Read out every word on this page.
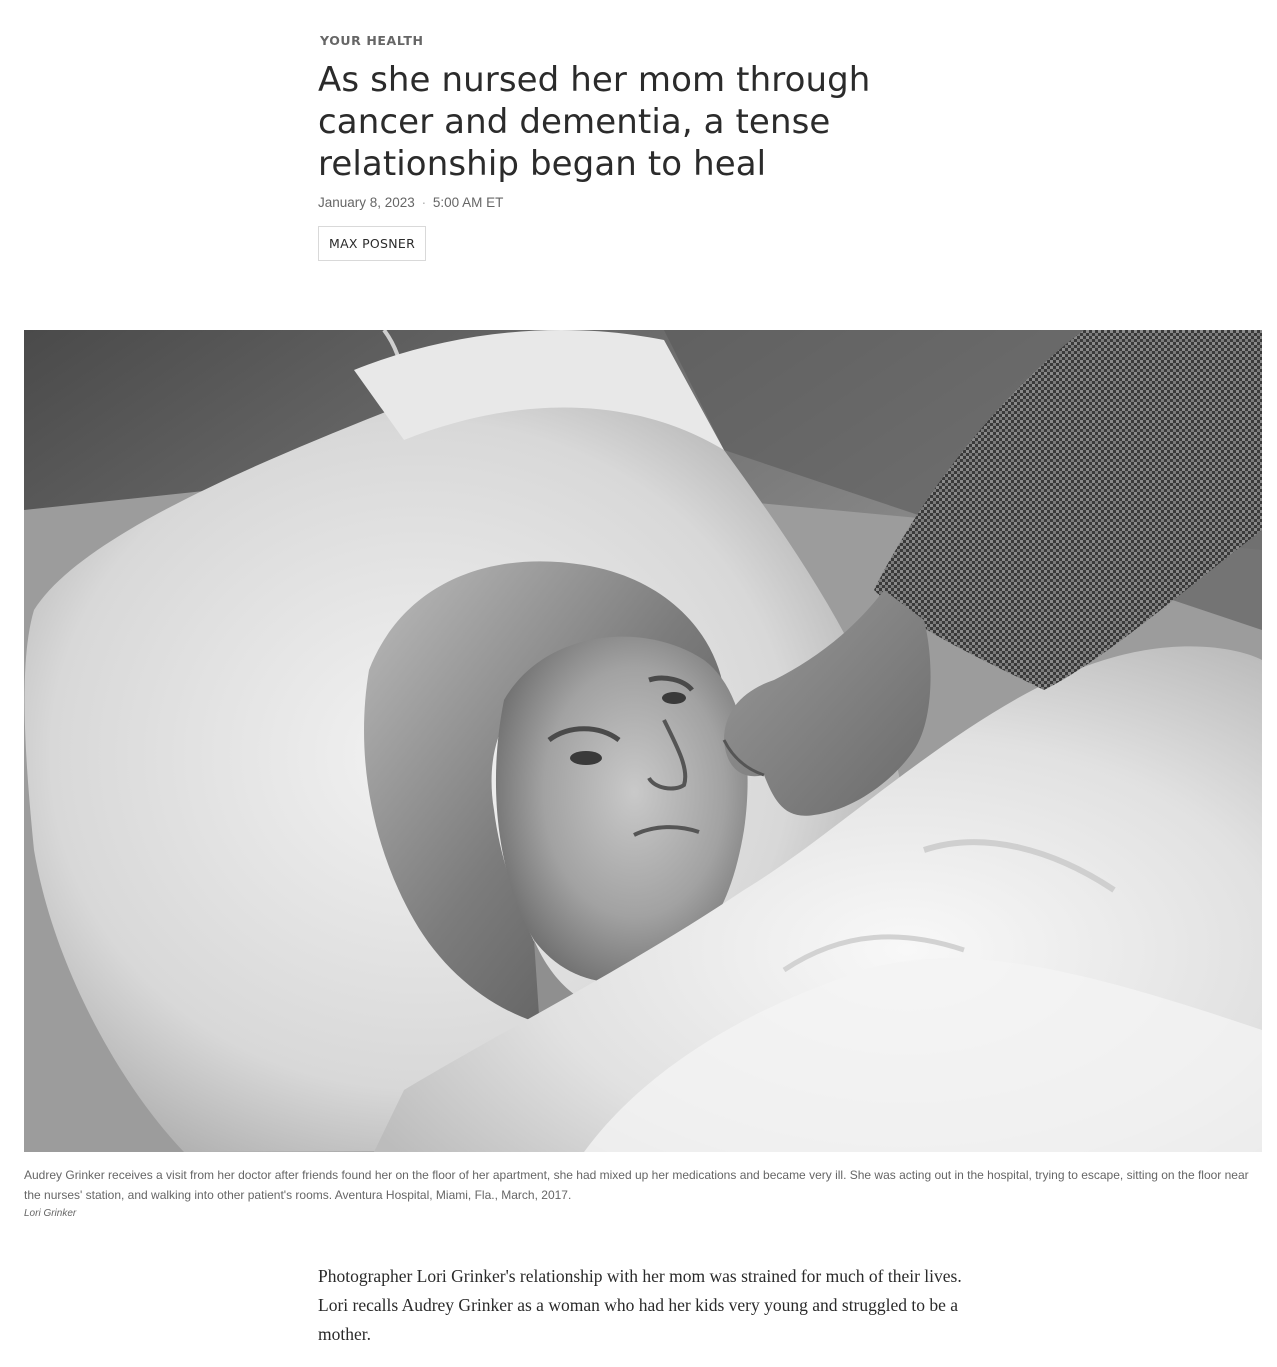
YOUR HEALTH
As she nursed her mom through cancer and dementia, a tense relationship began to heal
January 8, 2023 · 5:00 AM ET
MAX POSNER
Audrey Grinker receives a visit from her doctor after friends found her on the floor of her apartment, she had mixed up her medications and became very ill. She was acting out in the hospital, trying to escape, sitting on the floor near the nurses' station, and walking into other patient's rooms. Aventura Hospital, Miami, Fla., March, 2017.
Lori Grinker

Photographer Lori Grinker's relationship with her mom was strained for much of their lives. Lori recalls Audrey Grinker as a woman who had her kids very young and struggled to be a mother.
